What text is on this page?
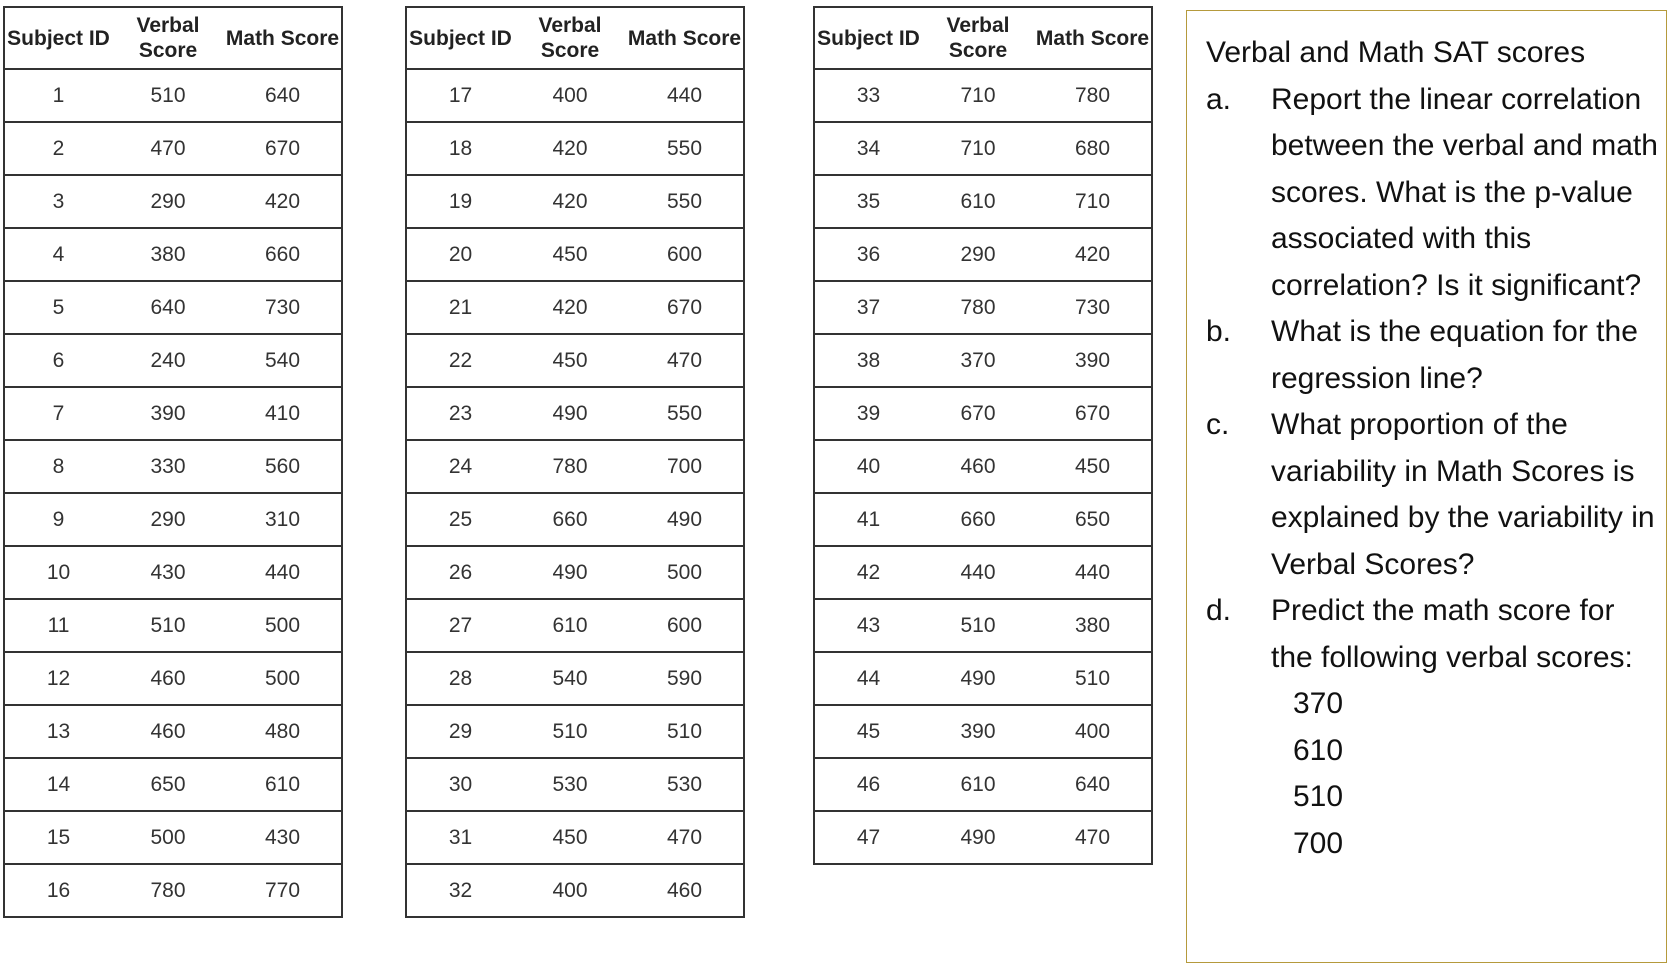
Subject ID	Verbal Score	Math Score
1	510	640
2	470	670
3	290	420
4	380	660
5	640	730
6	240	540
7	390	410
8	330	560
9	290	310
10	430	440
11	510	500
12	460	500
13	460	480
14	650	610
15	500	430
16	780	770
Subject ID	Verbal Score	Math Score
17	400	440
18	420	550
19	420	550
20	450	600
21	420	670
22	450	470
23	490	550
24	780	700
25	660	490
26	490	500
27	610	600
28	540	590
29	510	510
30	530	530
31	450	470
32	400	460
Subject ID	Verbal Score	Math Score
33	710	780
34	710	680
35	610	710
36	290	420
37	780	730
38	370	390
39	670	670
40	460	450
41	660	650
42	440	440
43	510	380
44	490	510
45	390	400
46	610	640
47	490	470

Verbal and Math SAT scores

a.	Report the linear correlation between the verbal and math scores. What is the p-value associated with this correlation? Is it significant?
b.	What is the equation for the regression line?
c.	What proportion of the variability in Math Scores is explained by the variability in Verbal Scores?
d.	Predict the math score for the following verbal scores:
370
610
510
700
